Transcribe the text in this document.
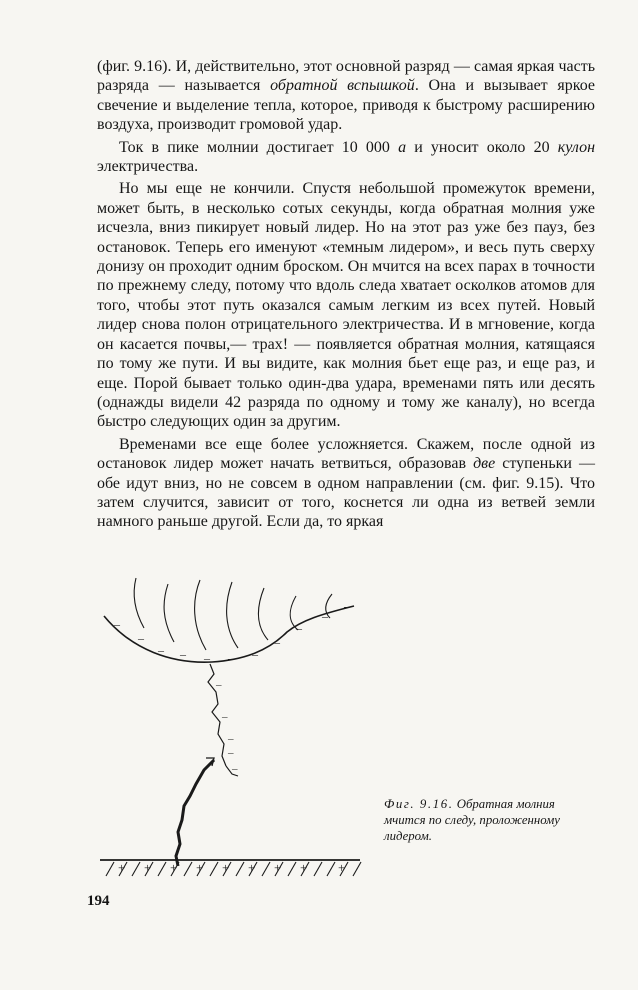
(фиг. 9.16). И, действительно, этот основной разряд — самая яркая часть разряда — называется обратной вспышкой. Она и вызывает яркое свечение и выделение тепла, которое, приводя к быстрому расширению воздуха, производит громовой удар.

Ток в пике молнии достигает 10 000 а и уносит около 20 кулон электричества.

Но мы еще не кончили. Спустя небольшой промежуток времени, может быть, в несколько сотых секунды, когда обратная молния уже исчезла, вниз пикирует новый лидер. Но на этот раз уже без пауз, без остановок. Теперь его именуют «темным лидером», и весь путь сверху донизу он проходит одним броском. Он мчится на всех парах в точности по прежнему следу, потому что вдоль следа хватает осколков атомов для того, чтобы этот путь оказался самым легким из всех путей. Новый лидер снова полон отрицательного электричества. И в мгновение, когда он касается почвы,— трах! — появляется обратная молния, катящаяся по тому же пути. И вы видите, как молния бьет еще раз, и еще раз, и еще. Порой бывает только один-два удара, временами пять или десять (однажды видели 42 разряда по одному и тому же каналу), но всегда быстро следующих один за другим.

Временами все еще более усложняется. Скажем, после одной из остановок лидер может начать ветвиться, образовав две ступеньки — обе идут вниз, но не совсем в одном направлении (см. фиг. 9.15). Что затем случится, зависит от того, коснется ли одна из ветвей земли намного раньше другой. Если да, то яркая

–
–
– – – – –
–
–
–
–
–
–
–
–
–
+ + + + + + + + +
Фиг. 9.16. Обратная молния мчится по следу, проложенному лидером.
194
